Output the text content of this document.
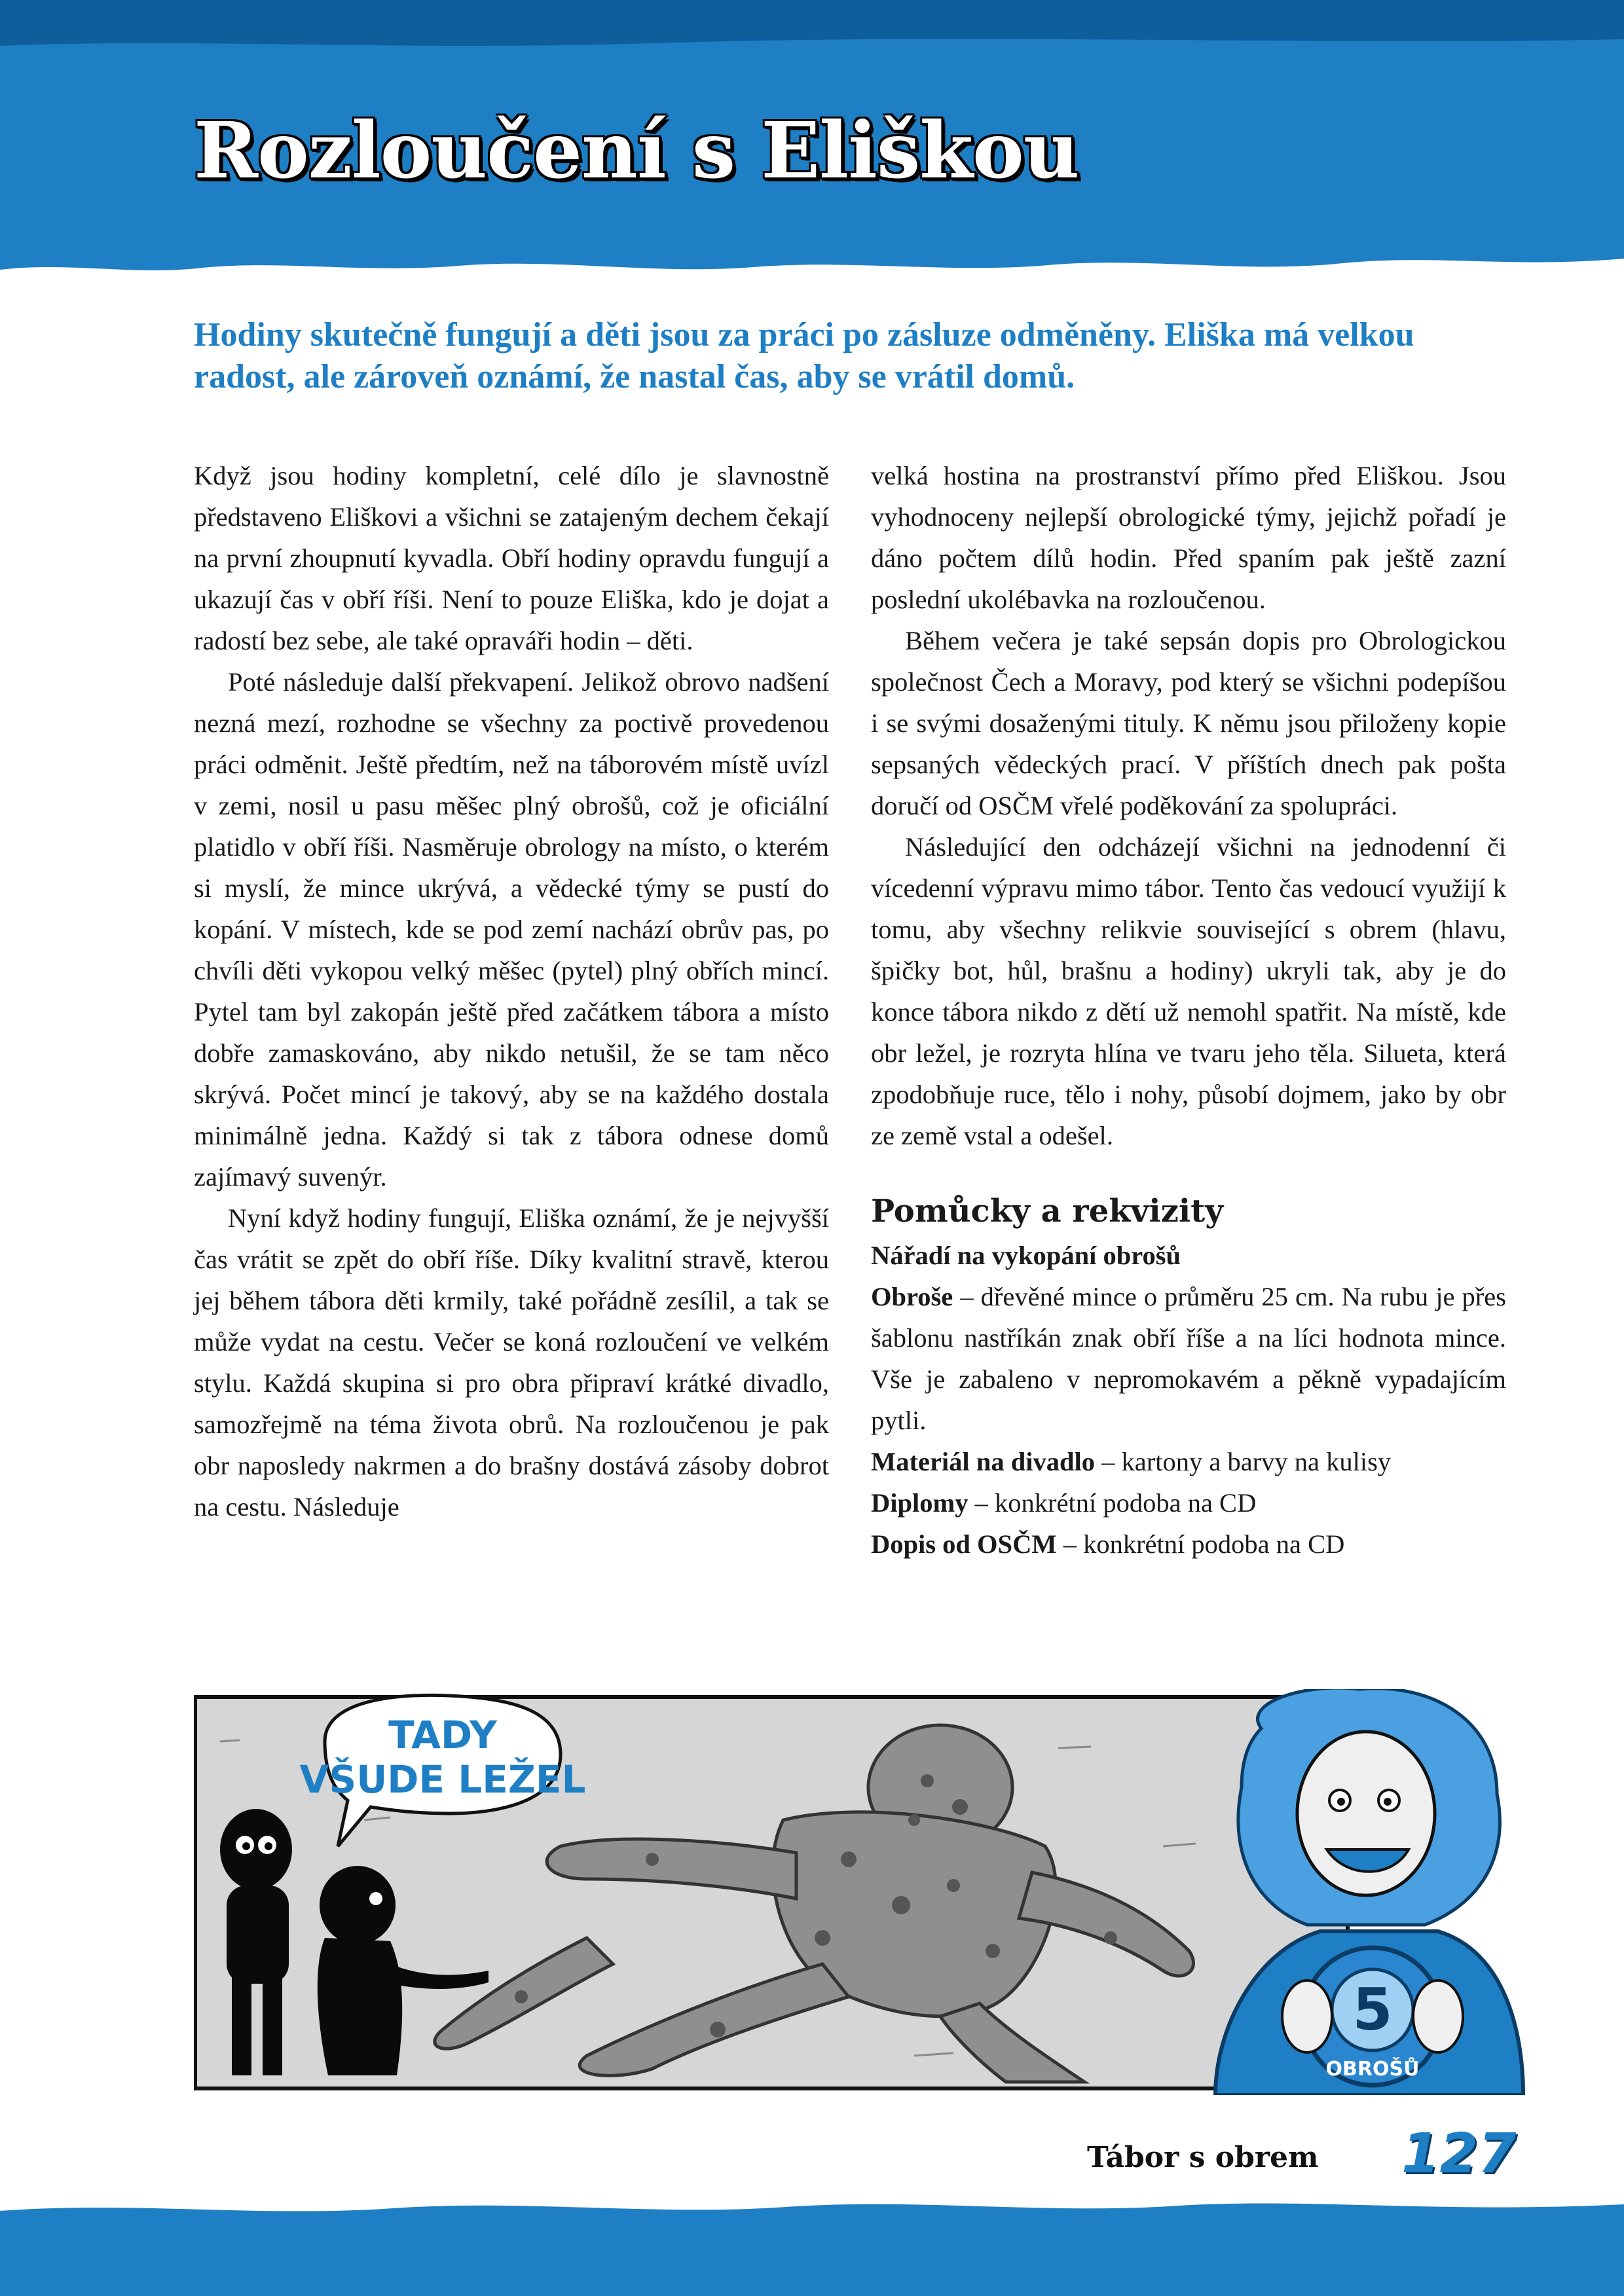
Rozloučení s Eliškou

Hodiny skutečně fungují a děti jsou za práci po zásluze odměněny. Eliška má velkou radost, ale zároveň oznámí, že nastal čas, aby se vrátil domů.

Když jsou hodiny kompletní, celé dílo je slavnostně představeno Eliškovi a všichni se zatajeným dechem čekají na první zhoupnutí kyvadla. Obří hodiny opravdu fungují a ukazují čas v obří říši. Není to pouze Eliška, kdo je dojat a radostí bez sebe, ale také opraváři hodin – děti.

Poté následuje další překvapení. Jelikož obrovo nadšení nezná mezí, rozhodne se všechny za poctivě provedenou práci odměnit. Ještě předtím, než na táborovém místě uvízl v zemi, nosil u pasu měšec plný obrošů, což je oficiální platidlo v obří říši. Nasměruje obrology na místo, o kterém si myslí, že mince ukrývá, a vědecké týmy se pustí do kopání. V místech, kde se pod zemí nachází obrův pas, po chvíli děti vykopou velký měšec (pytel) plný obřích mincí. Pytel tam byl zakopán ještě před začátkem tábora a místo dobře zamaskováno, aby nikdo netušil, že se tam něco skrývá. Počet mincí je takový, aby se na každého dostala minimálně jedna. Každý si tak z tábora odnese domů zajímavý suvenýr.

Nyní když hodiny fungují, Eliška oznámí, že je nejvyšší čas vrátit se zpět do obří říše. Díky kvalitní stravě, kterou jej během tábora děti krmily, také pořádně zesílil, a tak se může vydat na cestu. Večer se koná rozloučení ve velkém stylu. Každá skupina si pro obra připraví krátké divadlo, samozřejmě na téma života obrů. Na rozloučenou je pak obr naposledy nakrmen a do brašny dostává zásoby dobrot na cestu. Následuje

velká hostina na prostranství přímo před Eliškou. Jsou vyhodnoceny nejlepší obrologické týmy, jejichž pořadí je dáno počtem dílů hodin. Před spaním pak ještě zazní poslední ukolébavka na rozloučenou.

Během večera je také sepsán dopis pro Obrologickou společnost Čech a Moravy, pod který se všichni podepíšou i se svými dosaženými tituly. K němu jsou přiloženy kopie sepsaných vědeckých prací. V příštích dnech pak pošta doručí od OSČM vřelé poděkování za spolupráci.

Následující den odcházejí všichni na jednodenní či vícedenní výpravu mimo tábor. Tento čas vedoucí využijí k tomu, aby všechny relikvie související s obrem (hlavu, špičky bot, hůl, brašnu a hodiny) ukryli tak, aby je do konce tábora nikdo z dětí už nemohl spatřit. Na místě, kde obr ležel, je rozryta hlína ve tvaru jeho těla. Silueta, která zpodobňuje ruce, tělo i nohy, působí dojmem, jako by obr ze země vstal a odešel.

Pomůcky a rekvizity

Nářadí na vykopání obrošů

Obroše – dřevěné mince o průměru 25 cm. Na rubu je přes šablonu nastříkán znak obří říše a na líci hodnota mince. Vše je zabaleno v nepromokavém a pěkně vypadajícím pytli.

Materiál na divadlo – kartony a barvy na kulisy

Diplomy – konkrétní podoba na CD

Dopis od OSČM – konkrétní podoba na CD

TADY
VŠUDE LEŽEL
5
OBROŠŮ
Tábor s obrem 127
